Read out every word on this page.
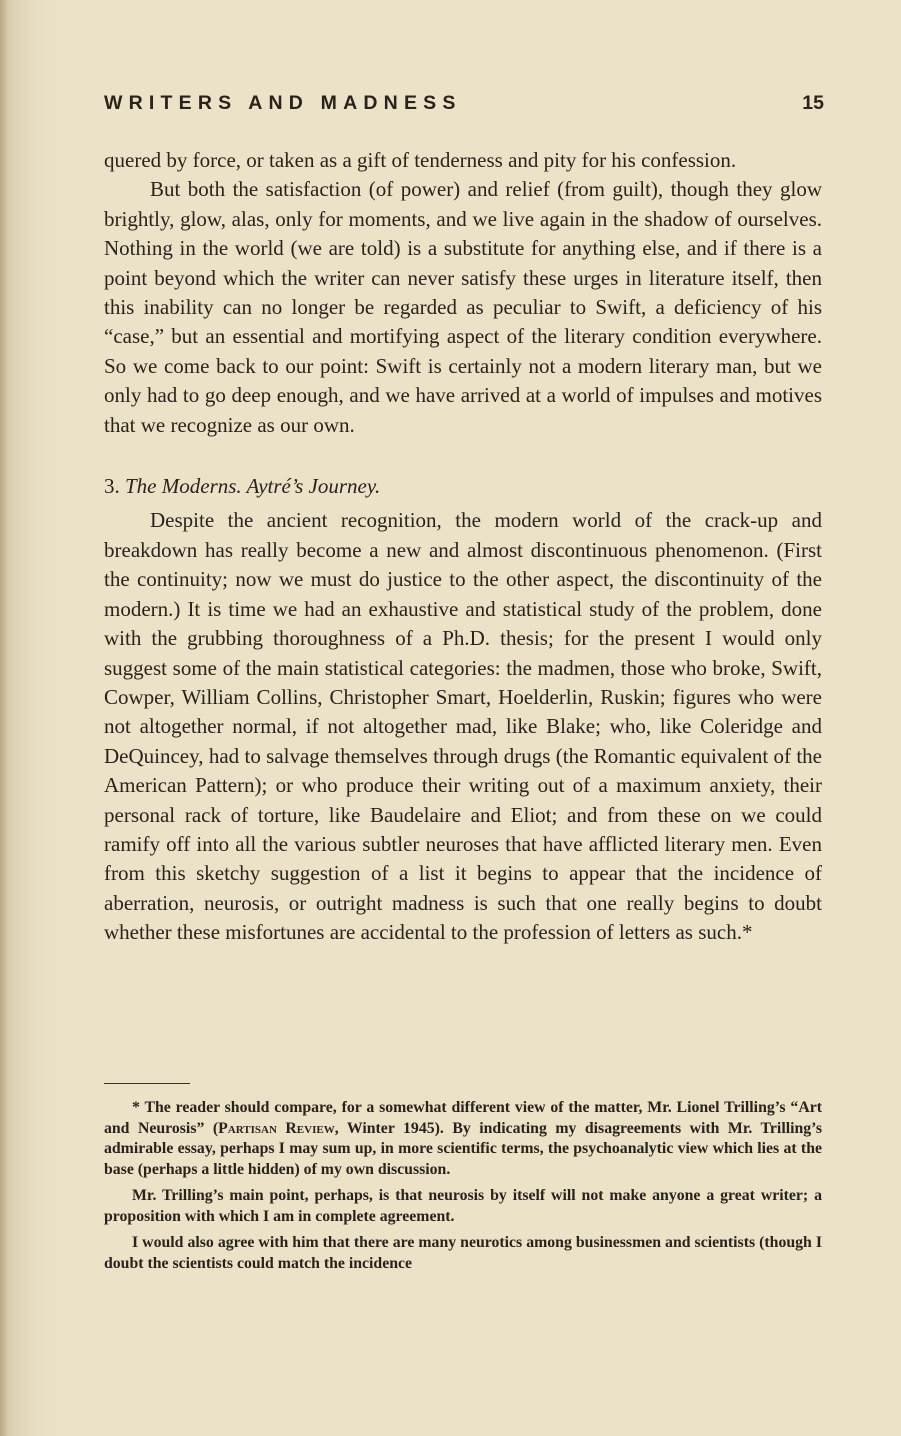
WRITERS AND MADNESS	15

quered by force, or taken as a gift of tenderness and pity for his confession.

But both the satisfaction (of power) and relief (from guilt), though they glow brightly, glow, alas, only for moments, and we live again in the shadow of ourselves. Nothing in the world (we are told) is a substitute for anything else, and if there is a point beyond which the writer can never satisfy these urges in literature itself, then this inability can no longer be regarded as peculiar to Swift, a deficiency of his “case,” but an essential and mortifying aspect of the literary condition everywhere. So we come back to our point: Swift is certainly not a modern literary man, but we only had to go deep enough, and we have arrived at a world of impulses and motives that we recognize as our own.

3. The Moderns. Aytré’s Journey.

Despite the ancient recognition, the modern world of the crack-up and breakdown has really become a new and almost discontinuous phenomenon. (First the continuity; now we must do justice to the other aspect, the discontinuity of the modern.) It is time we had an exhaustive and statistical study of the problem, done with the grubbing thoroughness of a Ph.D. thesis; for the present I would only suggest some of the main statistical categories: the madmen, those who broke, Swift, Cowper, William Collins, Christopher Smart, Hoelderlin, Ruskin; figures who were not altogether normal, if not altogether mad, like Blake; who, like Coleridge and DeQuincey, had to salvage themselves through drugs (the Romantic equivalent of the American Pattern); or who produce their writing out of a maximum anxiety, their personal rack of torture, like Baudelaire and Eliot; and from these on we could ramify off into all the various subtler neuroses that have afflicted literary men. Even from this sketchy suggestion of a list it begins to appear that the incidence of aberration, neurosis, or outright madness is such that one really begins to doubt whether these misfortunes are accidental to the profession of letters as such.*

* The reader should compare, for a somewhat different view of the matter, Mr. Lionel Trilling’s “Art and Neurosis” (Partisan Review, Winter 1945). By indicating my disagreements with Mr. Trilling’s admirable essay, perhaps I may sum up, in more scientific terms, the psychoanalytic view which lies at the base (perhaps a little hidden) of my own discussion.

Mr. Trilling’s main point, perhaps, is that neurosis by itself will not make anyone a great writer; a proposition with which I am in complete agreement.

I would also agree with him that there are many neurotics among businessmen and scientists (though I doubt the scientists could match the incidence
